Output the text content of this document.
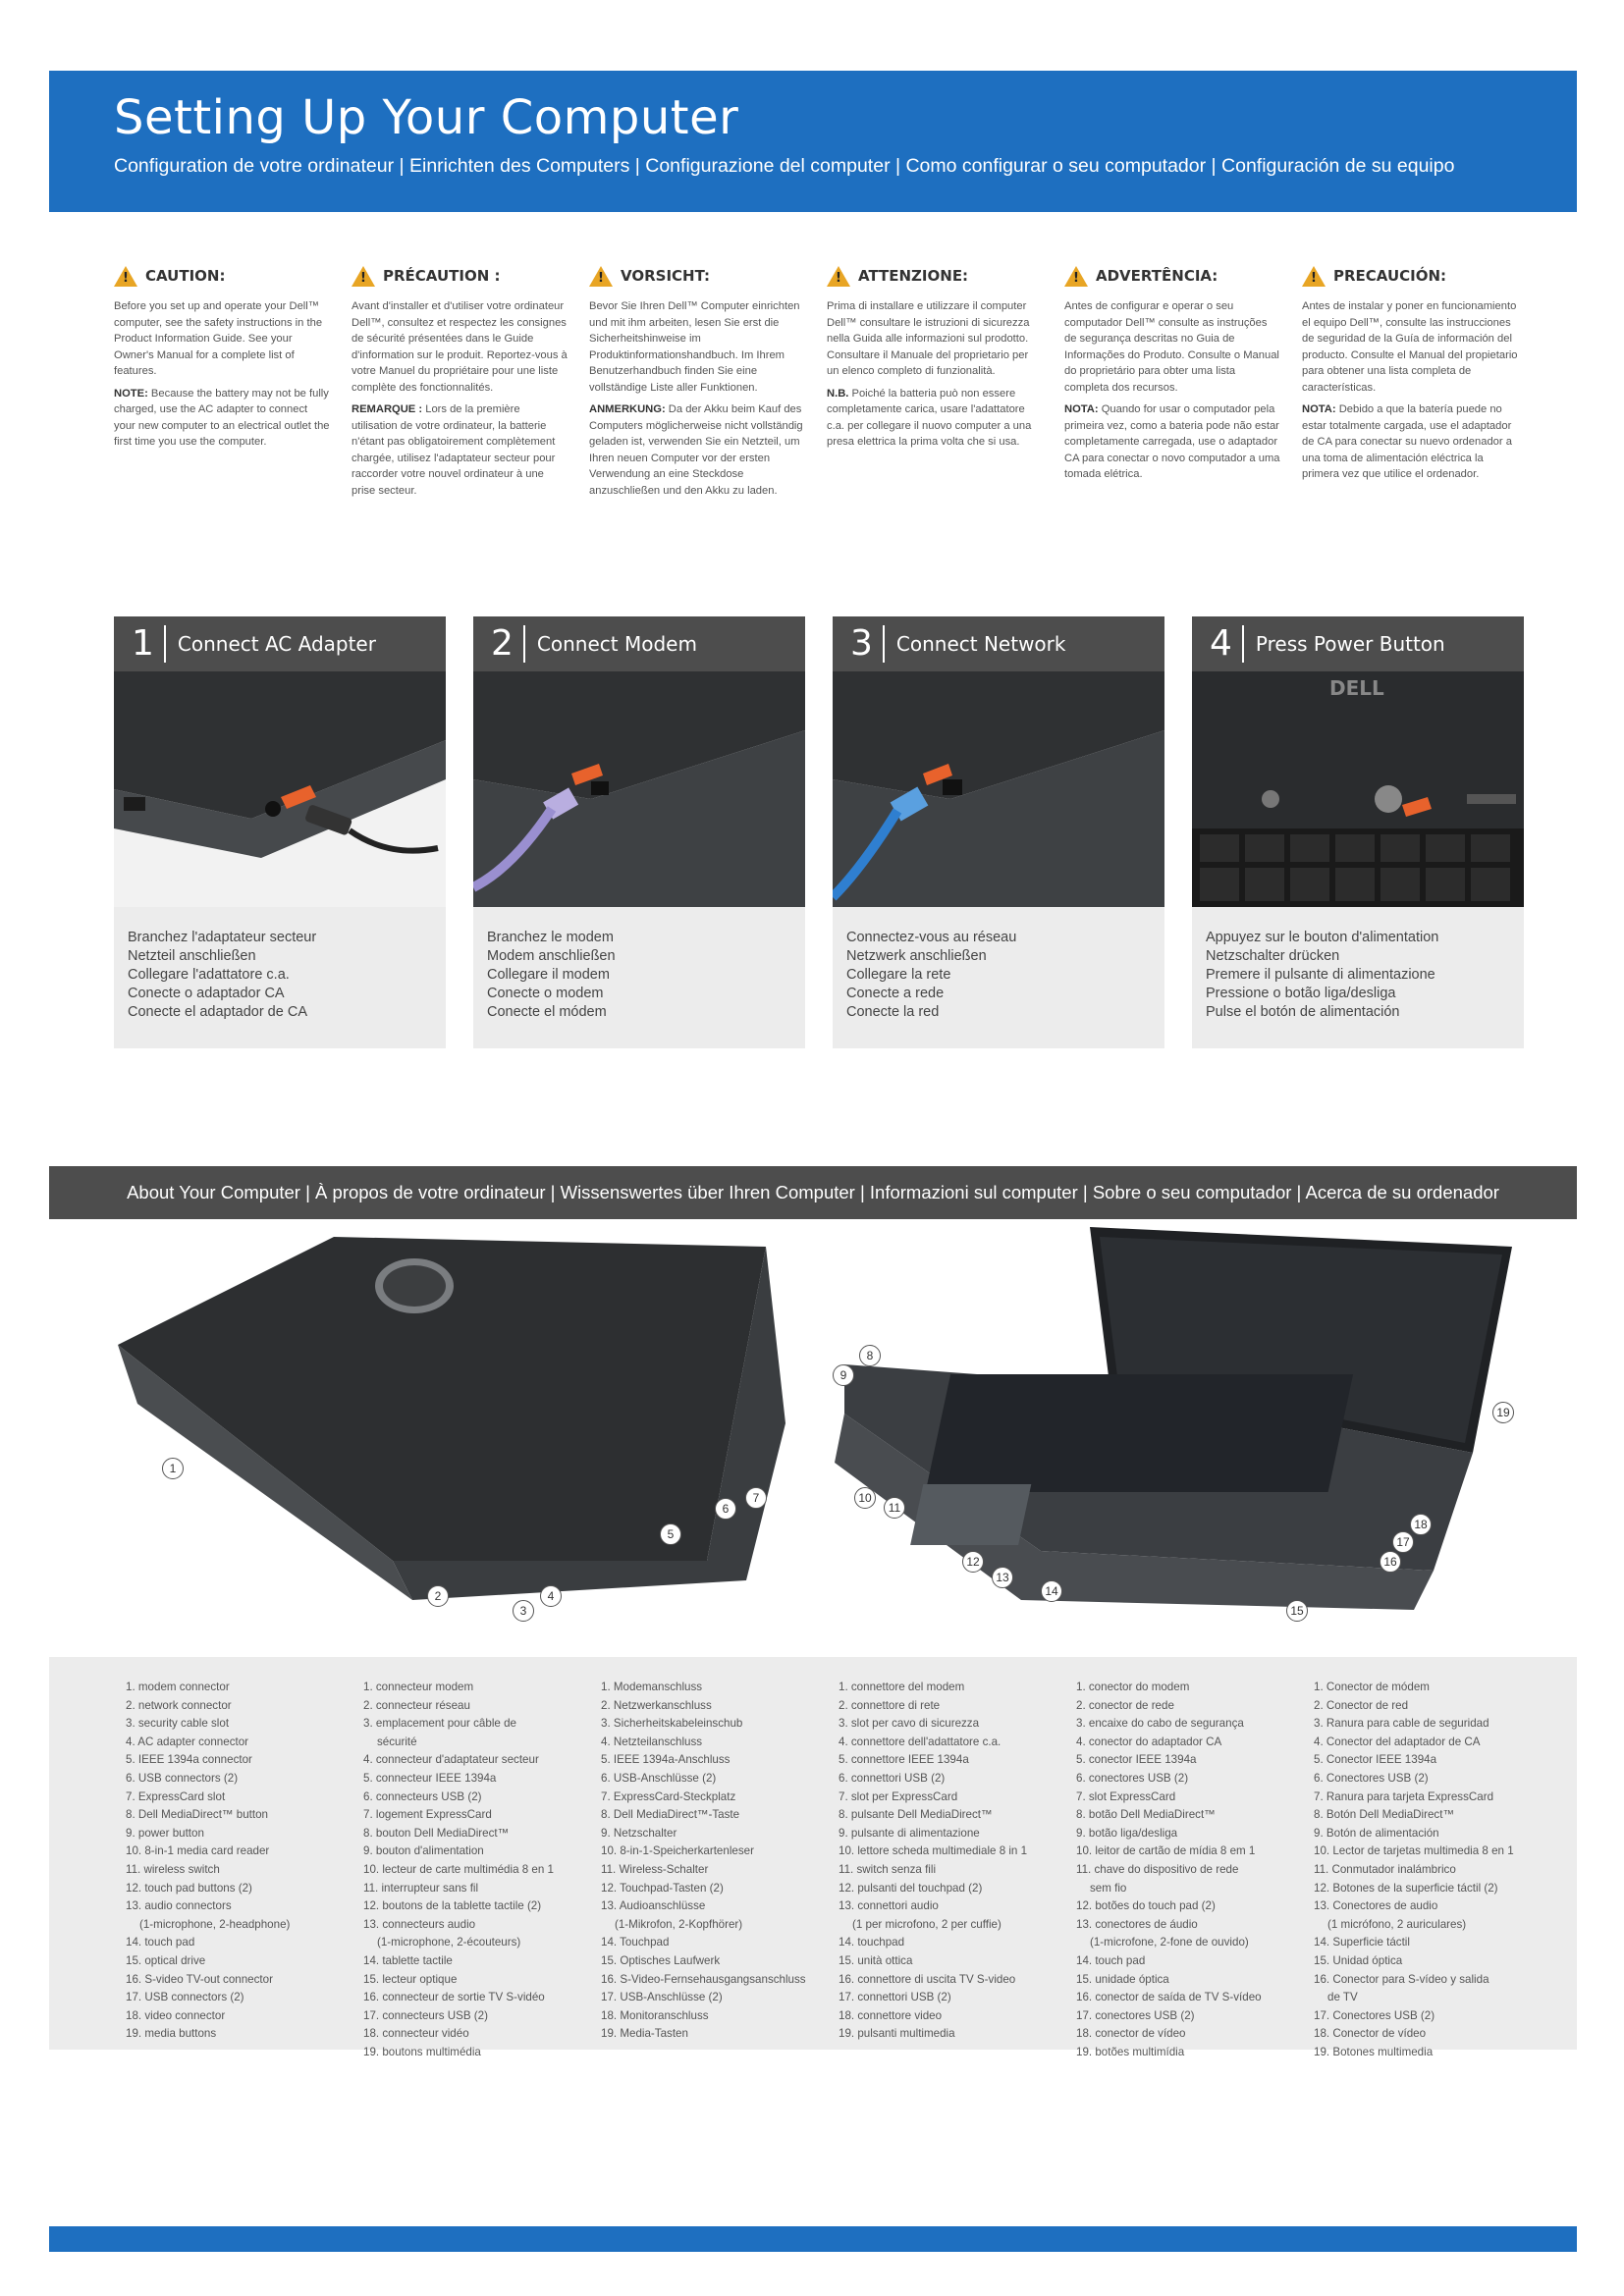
Setting Up Your Computer
Configuration de votre ordinateur | Einrichten des Computers | Configurazione del computer | Como configurar o seu computador | Configuración de su equipo
!
CAUTION:

Before you set up and operate your Dell™ computer, see the safety instructions in the Product Information Guide. See your Owner's Manual for a complete list of features.

NOTE: Because the battery may not be fully charged, use the AC adapter to connect your new computer to an electrical outlet the first time you use the computer.

!
PRÉCAUTION :

Avant d'installer et d'utiliser votre ordinateur Dell™, consultez et respectez les consignes de sécurité présentées dans le Guide d'information sur le produit. Reportez-vous à votre Manuel du propriétaire pour une liste complète des fonctionnalités.

REMARQUE : Lors de la première utilisation de votre ordinateur, la batterie n'étant pas obligatoirement complètement chargée, utilisez l'adaptateur secteur pour raccorder votre nouvel ordinateur à une prise secteur.

!
VORSICHT:

Bevor Sie Ihren Dell™ Computer einrichten und mit ihm arbeiten, lesen Sie erst die Sicherheitshinweise im Produktinformationshandbuch. Im Ihrem Benutzerhandbuch finden Sie eine vollständige Liste aller Funktionen.

ANMERKUNG: Da der Akku beim Kauf des Computers möglicherweise nicht vollständig geladen ist, verwenden Sie ein Netzteil, um Ihren neuen Computer vor der ersten Verwendung an eine Steckdose anzuschließen und den Akku zu laden.

!
ATTENZIONE:

Prima di installare e utilizzare il computer Dell™ consultare le istruzioni di sicurezza nella Guida alle informazioni sul prodotto. Consultare il Manuale del proprietario per un elenco completo di funzionalità.

N.B. Poiché la batteria può non essere completamente carica, usare l'adattatore c.a. per collegare il nuovo computer a una presa elettrica la prima volta che si usa.

!
ADVERTÊNCIA:

Antes de configurar e operar o seu computador Dell™ consulte as instruções de segurança descritas no Guia de Informações do Produto. Consulte o Manual do proprietário para obter uma lista completa dos recursos.

NOTA: Quando for usar o computador pela primeira vez, como a bateria pode não estar completamente carregada, use o adaptador CA para conectar o novo computador a uma tomada elétrica.

!
PRECAUCIÓN:

Antes de instalar y poner en funcionamiento el equipo Dell™, consulte las instrucciones de seguridad de la Guía de información del producto. Consulte el Manual del propietario para obtener una lista completa de características.

NOTA: Debido a que la batería puede no estar totalmente cargada, use el adaptador de CA para conectar su nuevo ordenador a una toma de alimentación eléctrica la primera vez que utilice el ordenador.

1	Connect AC Adapter
Branchez l'adaptateur secteur
Netzteil anschließen
Collegare l'adattatore c.a.
Conecte o adaptador CA
Conecte el adaptador de CA
2	Connect Modem
Branchez le modem
Modem anschließen
Collegare il modem
Conecte o modem
Conecte el módem
3	Connect Network
Connectez-vous au réseau
Netzwerk anschließen
Collegare la rete
Conecte a rede
Conecte la red
4	Press Power Button
DELL
Appuyez sur le bouton d'alimentation
Netzschalter drücken
Premere il pulsante di alimentazione
Pressione o botão liga/desliga
Pulse el botón de alimentación
About Your Computer | À propos de votre ordinateur | Wissenswertes über Ihren Computer | Informazioni sul computer | Sobre o seu computador | Acerca de su ordenador
1
2
3
4
5
6
7
8
9
10
11
12
13
14
15
16
17
18
19
1. modem connector
2. network connector
3. security cable slot
4. AC adapter connector
5. IEEE 1394a connector
6. USB connectors (2)
7. ExpressCard slot
8. Dell MediaDirect™ button
9. power button
10. 8-in-1 media card reader
11. wireless switch
12. touch pad buttons (2)
13. audio connectors
(1-microphone, 2-headphone)
14. touch pad
15. optical drive
16. S-video TV-out connector
17. USB connectors (2)
18. video connector
19. media buttons
1. connecteur modem
2. connecteur réseau
3. emplacement pour câble de
sécurité
4. connecteur d'adaptateur secteur
5. connecteur IEEE 1394a
6. connecteurs USB (2)
7. logement ExpressCard
8. bouton Dell MediaDirect™
9. bouton d'alimentation
10. lecteur de carte multimédia 8 en 1
11. interrupteur sans fil
12. boutons de la tablette tactile (2)
13. connecteurs audio
(1-microphone, 2-écouteurs)
14. tablette tactile
15. lecteur optique
16. connecteur de sortie TV S-vidéo
17. connecteurs USB (2)
18. connecteur vidéo
19. boutons multimédia
1. Modemanschluss
2. Netzwerkanschluss
3. Sicherheitskabeleinschub
4. Netzteilanschluss
5. IEEE 1394a-Anschluss
6. USB-Anschlüsse (2)
7. ExpressCard-Steckplatz
8. Dell MediaDirect™-Taste
9. Netzschalter
10. 8-in-1-Speicherkartenleser
11. Wireless-Schalter
12. Touchpad-Tasten (2)
13. Audioanschlüsse
(1-Mikrofon, 2-Kopfhörer)
14. Touchpad
15. Optisches Laufwerk
16. S-Video-Fernsehausgangsanschluss
17. USB-Anschlüsse (2)
18. Monitoranschluss
19. Media-Tasten
1. connettore del modem
2. connettore di rete
3. slot per cavo di sicurezza
4. connettore dell'adattatore c.a.
5. connettore IEEE 1394a
6. connettori USB (2)
7. slot per ExpressCard
8. pulsante Dell MediaDirect™
9. pulsante di alimentazione
10. lettore scheda multimediale 8 in 1
11. switch senza fili
12. pulsanti del touchpad (2)
13. connettori audio
(1 per microfono, 2 per cuffie)
14. touchpad
15. unità ottica
16. connettore di uscita TV S-video
17. connettori USB (2)
18. connettore video
19. pulsanti multimedia
1. conector do modem
2. conector de rede
3. encaixe do cabo de segurança
4. conector do adaptador CA
5. conector IEEE 1394a
6. conectores USB (2)
7. slot ExpressCard
8. botão Dell MediaDirect™
9. botão liga/desliga
10. leitor de cartão de mídia 8 em 1
11. chave do dispositivo de rede
sem fio
12. botões do touch pad (2)
13. conectores de áudio
(1-microfone, 2-fone de ouvido)
14. touch pad
15. unidade óptica
16. conector de saída de TV S-vídeo
17. conectores USB (2)
18. conector de vídeo
19. botões multimídia
1. Conector de módem
2. Conector de red
3. Ranura para cable de seguridad
4. Conector del adaptador de CA
5. Conector IEEE 1394a
6. Conectores USB (2)
7. Ranura para tarjeta ExpressCard
8. Botón Dell MediaDirect™
9. Botón de alimentación
10. Lector de tarjetas multimedia 8 en 1
11. Conmutador inalámbrico
12. Botones de la superficie táctil (2)
13. Conectores de audio
(1 micrófono, 2 auriculares)
14. Superficie táctil
15. Unidad óptica
16. Conector para S-vídeo y salida
de TV
17. Conectores USB (2)
18. Conector de vídeo
19. Botones multimedia
